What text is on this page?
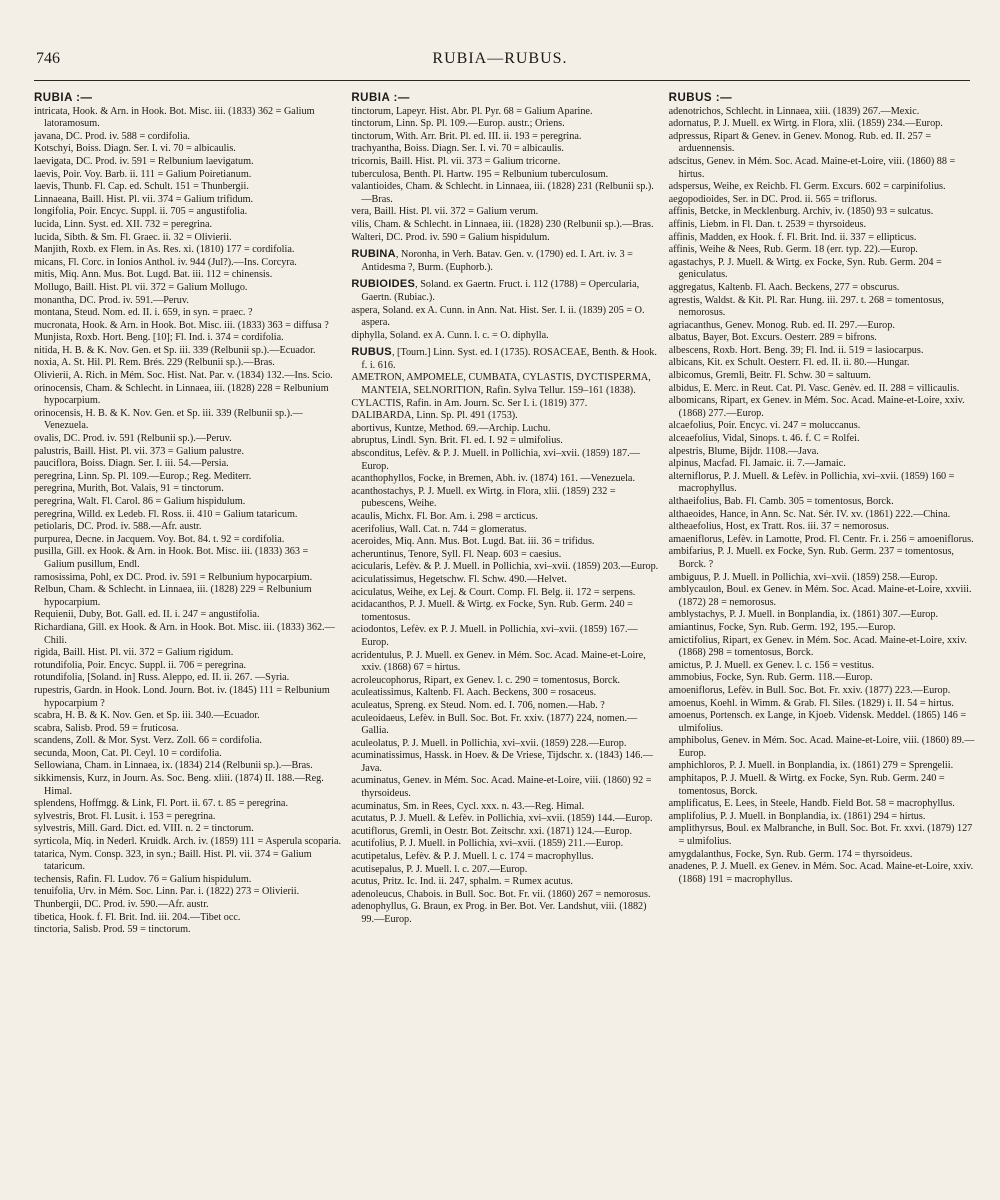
746	RUBIA—RUBUS.
RUBIA :—

intricata, Hook. & Arn. in Hook. Bot. Misc. iii. (1833) 362 = Galium latoramosum.

javana, DC. Prod. iv. 588 = cordifolia.

Kotschyi, Boiss. Diagn. Ser. I. vi. 70 = albicaulis.

laevigata, DC. Prod. iv. 591 = Relbunium laevigatum.

laevis, Poir. Voy. Barb. ii. 111 = Galium Poiretianum.

laevis, Thunb. Fl. Cap. ed. Schult. 151 = Thunbergii.

Linnaeana, Baill. Hist. Pl. vii. 374 = Galium trifidum.

longifolia, Poir. Encyc. Suppl. ii. 705 = angustifolia.

lucida, Linn. Syst. ed. XII. 732 = peregrina.

lucida, Sibth. & Sm. Fl. Graec. ii. 32 = Olivierii.

Manjith, Roxb. ex Flem. in As. Res. xi. (1810) 177 = cordifolia.

micans, Fl. Corc. in Ionios Anthol. iv. 944 (Jul?).—Ins. Corcyra.

mitis, Miq. Ann. Mus. Bot. Lugd. Bat. iii. 112 = chinensis.

Mollugo, Baill. Hist. Pl. vii. 372 = Galium Mollugo.

monantha, DC. Prod. iv. 591.—Peruv.

montana, Steud. Nom. ed. II. i. 659, in syn. = praec. ?

mucronata, Hook. & Arn. in Hook. Bot. Misc. iii. (1833) 363 = diffusa ?

Munjista, Roxb. Hort. Beng. [10]; Fl. Ind. i. 374 = cordifolia.

nitida, H. B. & K. Nov. Gen. et Sp. iii. 339 (Relbunii sp.).—Ecuador.

noxia, A. St. Hil. Pl. Rem. Brés. 229 (Relbunii sp.).—Bras.

Olivierii, A. Rich. in Mém. Soc. Hist. Nat. Par. v. (1834) 132.—Ins. Scio.

orinocensis, Cham. & Schlecht. in Linnaea, iii. (1828) 228 = Relbunium hypocarpium.

orinocensis, H. B. & K. Nov. Gen. et Sp. iii. 339 (Relbunii sp.).—Venezuela.

ovalis, DC. Prod. iv. 591 (Relbunii sp.).—Peruv.

palustris, Baill. Hist. Pl. vii. 373 = Galium palustre.

pauciflora, Boiss. Diagn. Ser. I. iii. 54.—Persia.

peregrina, Linn. Sp. Pl. 109.—Europ.; Reg. Mediterr.

peregrina, Murith, Bot. Valais, 91 = tinctorum.

peregrina, Walt. Fl. Carol. 86 = Galium hispidulum.

peregrina, Willd. ex Ledeb. Fl. Ross. ii. 410 = Galium tataricum.

petiolaris, DC. Prod. iv. 588.—Afr. austr.

purpurea, Decne. in Jacquem. Voy. Bot. 84. t. 92 = cordifolia.

pusilla, Gill. ex Hook. & Arn. in Hook. Bot. Misc. iii. (1833) 363 = Galium pusillum, Endl.

ramosissima, Pohl, ex DC. Prod. iv. 591 = Relbunium hypocarpium.

Relbun, Cham. & Schlecht. in Linnaea, iii. (1828) 229 = Relbunium hypocarpium.

Requienii, Duby, Bot. Gall. ed. II. i. 247 = angustifolia.

Richardiana, Gill. ex Hook. & Arn. in Hook. Bot. Misc. iii. (1833) 362.—Chili.

rigida, Baill. Hist. Pl. vii. 372 = Galium rigidum.

rotundifolia, Poir. Encyc. Suppl. ii. 706 = peregrina.

rotundifolia, [Soland. in] Russ. Aleppo, ed. II. ii. 267. —Syria.

rupestris, Gardn. in Hook. Lond. Journ. Bot. iv. (1845) 111 = Relbunium hypocarpium ?

scabra, H. B. & K. Nov. Gen. et Sp. iii. 340.—Ecuador.

scabra, Salisb. Prod. 59 = fruticosa.

scandens, Zoll. & Mor. Syst. Verz. Zoll. 66 = cordifolia.

secunda, Moon, Cat. Pl. Ceyl. 10 = cordifolia.

Sellowiana, Cham. in Linnaea, ix. (1834) 214 (Relbunii sp.).—Bras.

sikkimensis, Kurz, in Journ. As. Soc. Beng. xliii. (1874) II. 188.—Reg. Himal.

splendens, Hoffmgg. & Link, Fl. Port. ii. 67. t. 85 = peregrina.

sylvestris, Brot. Fl. Lusit. i. 153 = peregrina.

sylvestris, Mill. Gard. Dict. ed. VIII. n. 2 = tinctorum.

syrticola, Miq. in Nederl. Kruidk. Arch. iv. (1859) 111 = Asperula scoparia.

tatarica, Nym. Consp. 323, in syn.; Baill. Hist. Pl. vii. 374 = Galium tataricum.

techensis, Rafin. Fl. Ludov. 76 = Galium hispidulum.

tenuifolia, Urv. in Mém. Soc. Linn. Par. i. (1822) 273 = Olivierii.

Thunbergii, DC. Prod. iv. 590.—Afr. austr.

tibetica, Hook. f. Fl. Brit. Ind. iii. 204.—Tibet occ.

tinctoria, Salisb. Prod. 59 = tinctorum.

RUBIA :—

tinctorum, Lapeyr. Hist. Abr. Pl. Pyr. 68 = Galium Aparine.

tinctorum, Linn. Sp. Pl. 109.—Europ. austr.; Oriens.

tinctorum, With. Arr. Brit. Pl. ed. III. ii. 193 = peregrina.

trachyantha, Boiss. Diagn. Ser. I. vi. 70 = albicaulis.

tricornis, Baill. Hist. Pl. vii. 373 = Galium tricorne.

tuberculosa, Benth. Pl. Hartw. 195 = Relbunium tuberculosum.

valantioides, Cham. & Schlecht. in Linnaea, iii. (1828) 231 (Relbunii sp.).—Bras.

vera, Baill. Hist. Pl. vii. 372 = Galium verum.

vilis, Cham. & Schlecht. in Linnaea, iii. (1828) 230 (Relbunii sp.).—Bras.

Walteri, DC. Prod. iv. 590 = Galium hispidulum.

RUBINA, Noronha, in Verh. Batav. Gen. v. (1790) ed. I. Art. iv. 3 = Antidesma ?, Burm. (Euphorb.).

RUBIOIDES, Soland. ex Gaertn. Fruct. i. 112 (1788) = Opercularia, Gaertn. (Rubiac.).

aspera, Soland. ex A. Cunn. in Ann. Nat. Hist. Ser. I. ii. (1839) 205 = O. aspera.

diphylla, Soland. ex A. Cunn. l. c. = O. diphylla.

RUBUS, [Tourn.] Linn. Syst. ed. I (1735). ROSACEAE, Benth. & Hook. f. i. 616.

AMETRON, AMPOMELE, CUMBATA, CYLASTIS, DYCTISPERMA, MANTEIA, SELNORITION, Rafin. Sylva Tellur. 159–161 (1838).

CYLACTIS, Rafin. in Am. Journ. Sc. Ser I. i. (1819) 377.

DALIBARDA, Linn. Sp. Pl. 491 (1753).

abortivus, Kuntze, Method. 69.—Archip. Luchu.

abruptus, Lindl. Syn. Brit. Fl. ed. I. 92 = ulmifolius.

absconditus, Lefèv. & P. J. Muell. in Pollichia, xvi–xvii. (1859) 187.—Europ.

acanthophyllos, Focke, in Bremen, Abh. iv. (1874) 161. —Venezuela.

acanthostachys, P. J. Muell. ex Wirtg. in Flora, xlii. (1859) 232 = pubescens, Weihe.

acaulis, Michx. Fl. Bor. Am. i. 298 = arcticus.

acerifolius, Wall. Cat. n. 744 = glomeratus.

aceroides, Miq. Ann. Mus. Bot. Lugd. Bat. iii. 36 = trifidus.

acheruntinus, Tenore, Syll. Fl. Neap. 603 = caesius.

acicularis, Lefèv. & P. J. Muell. in Pollichia, xvi–xvii. (1859) 203.—Europ.

aciculatissimus, Hegetschw. Fl. Schw. 490.—Helvet.

aciculatus, Weihe, ex Lej. & Court. Comp. Fl. Belg. ii. 172 = serpens.

acidacanthos, P. J. Muell. & Wirtg. ex Focke, Syn. Rub. Germ. 240 = tomentosus.

aciodontos, Lefèv. ex P. J. Muell. in Pollichia, xvi–xvii. (1859) 167.—Europ.

acridentulus, P. J. Muell. ex Genev. in Mém. Soc. Acad. Maine-et-Loire, xxiv. (1868) 67 = hirtus.

acroleucophorus, Ripart, ex Genev. l. c. 290 = tomentosus, Borck.

aculeatissimus, Kaltenb. Fl. Aach. Beckens, 300 = rosaceus.

aculeatus, Spreng. ex Steud. Nom. ed. I. 706, nomen.—Hab. ?

aculeoidaeus, Lefèv. in Bull. Soc. Bot. Fr. xxiv. (1877) 224, nomen.—Gallia.

aculeolatus, P. J. Muell. in Pollichia, xvi–xvii. (1859) 228.—Europ.

acuminatissimus, Hassk. in Hoev. & De Vriese, Tijdschr. x. (1843) 146.—Java.

acuminatus, Genev. in Mém. Soc. Acad. Maine-et-Loire, viii. (1860) 92 = thyrsoideus.

acuminatus, Sm. in Rees, Cycl. xxx. n. 43.—Reg. Himal.

acutatus, P. J. Muell. & Lefèv. in Pollichia, xvi–xvii. (1859) 144.—Europ.

acutiflorus, Gremli, in Oestr. Bot. Zeitschr. xxi. (1871) 124.—Europ.

acutifolius, P. J. Muell. in Pollichia, xvi–xvii. (1859) 211.—Europ.

acutipetalus, Lefèv. & P. J. Muell. l. c. 174 = macrophyllus.

acutisepalus, P. J. Muell. l. c. 207.—Europ.

acutus, Pritz. Ic. Ind. ii. 247, sphalm. = Rumex acutus.

adenoleucus, Chabois. in Bull. Soc. Bot. Fr. vii. (1860) 267 = nemorosus.

adenophyllus, G. Braun, ex Prog. in Ber. Bot. Ver. Landshut, viii. (1882) 99.—Europ.

RUBUS :—

adenotrichos, Schlecht. in Linnaea, xiii. (1839) 267.—Mexic.

adornatus, P. J. Muell. ex Wirtg. in Flora, xlii. (1859) 234.—Europ.

adpressus, Ripart & Genev. in Genev. Monog. Rub. ed. II. 257 = arduennensis.

adscitus, Genev. in Mém. Soc. Acad. Maine-et-Loire, viii. (1860) 88 = hirtus.

adspersus, Weihe, ex Reichb. Fl. Germ. Excurs. 602 = carpinifolius.

aegopodioides, Ser. in DC. Prod. ii. 565 = triflorus.

affinis, Betcke, in Mecklenburg. Archiv, iv. (1850) 93 = sulcatus.

affinis, Liebm. in Fl. Dan. t. 2539 = thyrsoideus.

affinis, Madden, ex Hook. f. Fl. Brit. Ind. ii. 337 = ellipticus.

affinis, Weihe & Nees, Rub. Germ. 18 (err. typ. 22).—Europ.

agastachys, P. J. Muell. & Wirtg. ex Focke, Syn. Rub. Germ. 204 = geniculatus.

aggregatus, Kaltenb. Fl. Aach. Beckens, 277 = obscurus.

agrestis, Waldst. & Kit. Pl. Rar. Hung. iii. 297. t. 268 = tomentosus, nemorosus.

agriacanthus, Genev. Monog. Rub. ed. II. 297.—Europ.

albatus, Bayer, Bot. Excurs. Oesterr. 289 = bifrons.

albescens, Roxb. Hort. Beng. 39; Fl. Ind. ii. 519 = lasiocarpus.

albicans, Kit. ex Schult. Oesterr. Fl. ed. II. ii. 80.—Hungar.

albicomus, Gremli, Beitr. Fl. Schw. 30 = saltuum.

albidus, E. Merc. in Reut. Cat. Pl. Vasc. Genèv. ed. II. 288 = villicaulis.

albomicans, Ripart, ex Genev. in Mém. Soc. Acad. Maine-et-Loire, xxiv. (1868) 277.—Europ.

alcaefolius, Poir. Encyc. vi. 247 = moluccanus.

alceaefolius, Vidal, Sinops. t. 46. f. C = Rolfei.

alpestris, Blume, Bijdr. 1108.—Java.

alpinus, Macfad. Fl. Jamaic. ii. 7.—Jamaic.

alterniflorus, P. J. Muell. & Lefèv. in Pollichia, xvi–xvii. (1859) 160 = macrophyllus.

althaeifolius, Bab. Fl. Camb. 305 = tomentosus, Borck.

althaeoides, Hance, in Ann. Sc. Nat. Sér. IV. xv. (1861) 222.—China.

altheaefolius, Host, ex Tratt. Ros. iii. 37 = nemorosus.

amaeniflorus, Lefèv. in Lamotte, Prod. Fl. Centr. Fr. i. 256 = amoeniflorus.

ambifarius, P. J. Muell. ex Focke, Syn. Rub. Germ. 237 = tomentosus, Borck. ?

ambiguus, P. J. Muell. in Pollichia, xvi–xvii. (1859) 258.—Europ.

amblycaulon, Boul. ex Genev. in Mém. Soc. Acad. Maine-et-Loire, xxviii. (1872) 28 = nemorosus.

amblystachys, P. J. Muell. in Bonplandia, ix. (1861) 307.—Europ.

amiantinus, Focke, Syn. Rub. Germ. 192, 195.—Europ.

amictifolius, Ripart, ex Genev. in Mém. Soc. Acad. Maine-et-Loire, xxiv. (1868) 298 = tomentosus, Borck.

amictus, P. J. Muell. ex Genev. l. c. 156 = vestitus.

ammobius, Focke, Syn. Rub. Germ. 118.—Europ.

amoeniflorus, Lefèv. in Bull. Soc. Bot. Fr. xxiv. (1877) 223.—Europ.

amoenus, Koehl. in Wimm. & Grab. Fl. Siles. (1829) i. II. 54 = hirtus.

amoenus, Portensch. ex Lange, in Kjoeb. Vidensk. Meddel. (1865) 146 = ulmifolius.

amphibolus, Genev. in Mém. Soc. Acad. Maine-et-Loire, viii. (1860) 89.—Europ.

amphichloros, P. J. Muell. in Bonplandia, ix. (1861) 279 = Sprengelii.

amphitapos, P. J. Muell. & Wirtg. ex Focke, Syn. Rub. Germ. 240 = tomentosus, Borck.

amplificatus, E. Lees, in Steele, Handb. Field Bot. 58 = macrophyllus.

amplifolius, P. J. Muell. in Bonplandia, ix. (1861) 294 = hirtus.

amplithyrsus, Boul. ex Malbranche, in Bull. Soc. Bot. Fr. xxvi. (1879) 127 = ulmifolius.

amygdalanthus, Focke, Syn. Rub. Germ. 174 = thyrsoideus.

anadenes, P. J. Muell. ex Genev. in Mém. Soc. Acad. Maine-et-Loire, xxiv. (1868) 191 = macrophyllus.
